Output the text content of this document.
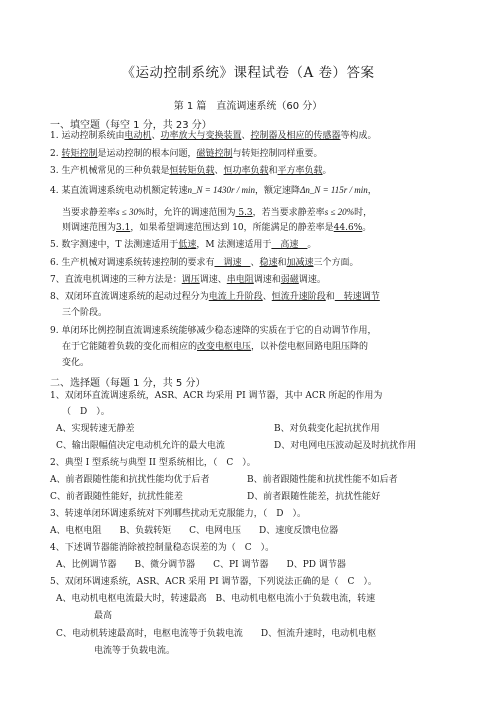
《运动控制系统》课程试卷（A 卷）答案
第 1 篇　直流调速系统（60 分）
一、填空题（每空 1 分，共 23 分）
1. 运动控制系统由电动机、功率放大与变换装置、控制器及相应的传感器等构成。
2. 转矩控制是运动控制的根本问题，磁链控制与转矩控制同样重要。
3. 生产机械常见的三种负载是恒转矩负载、恒功率负载和平方率负载。
4. 某直流调速系统电动机额定转速n_N = 1430r / min，额定速降Δn_N = 115r / min，
当要求静差率s ≤ 30%时，允许的调速范围为 5.3，若当要求静差率s ≤ 20%时，
则调速范围为3.1，如果希望调速范围达到 10，所能满足的静差率是44.6%。
5. 数字测速中，T 法测速适用于低速，M 法测速适用于　高速　。
6. 生产机械对调速系统转速控制的要求有　调速　、稳速和加减速三个方面。
7、直流电机调速的三种方法是：调压调速、串电阻调速和弱磁调速。
8、双闭环直流调速系统的起动过程分为电流上升阶段、恒流升速阶段和　转速调节
三个阶段。
9. 单闭环比例控制直流调速系统能够减少稳态速降的实质在于它的自动调节作用，
在于它能随着负载的变化而相应的改变电枢电压，以补偿电枢回路电阻压降的
变化。
二、选择题（每题 1 分，共 5 分）
1、双闭环直流调速系统，ASR、ACR 均采用 PI 调节器，其中 ACR 所起的作用为
（　D　）。
A、实现转速无静差	B、对负载变化起抗扰作用
C、输出限幅值决定电动机允许的最大电流	D、对电网电压波动起及时抗扰作用
2、典型 I 型系统与典型 II 型系统相比，（　C　）。
A、前者跟随性能和抗扰性能均优于后者	B、前者跟随性能和抗扰性能不如后者
C、前者跟随性能好，抗扰性能差	D、前者跟随性能差，抗扰性能好
3、转速单闭环调速系统对下列哪些扰动无克服能力，（　D　）。
A、电枢电阻　　B、负载转矩　　C、电网电压　　D、速度反馈电位器
4、下述调节器能消除被控制量稳态误差的为（　C　）。
A、比例调节器　　B、微分调节器　　C、PI 调节器　　D、PD 调节器
5、双闭环调速系统，ASR、ACR 采用 PI 调节器，下列说法正确的是（　C　）。
A、电动机电枢电流最大时，转速最高　B、电动机电枢电流小于负载电流，转速
最高
C、电动机转速最高时，电枢电流等于负载电流　　D、恒流升速时，电动机电枢
电流等于负载电流。
